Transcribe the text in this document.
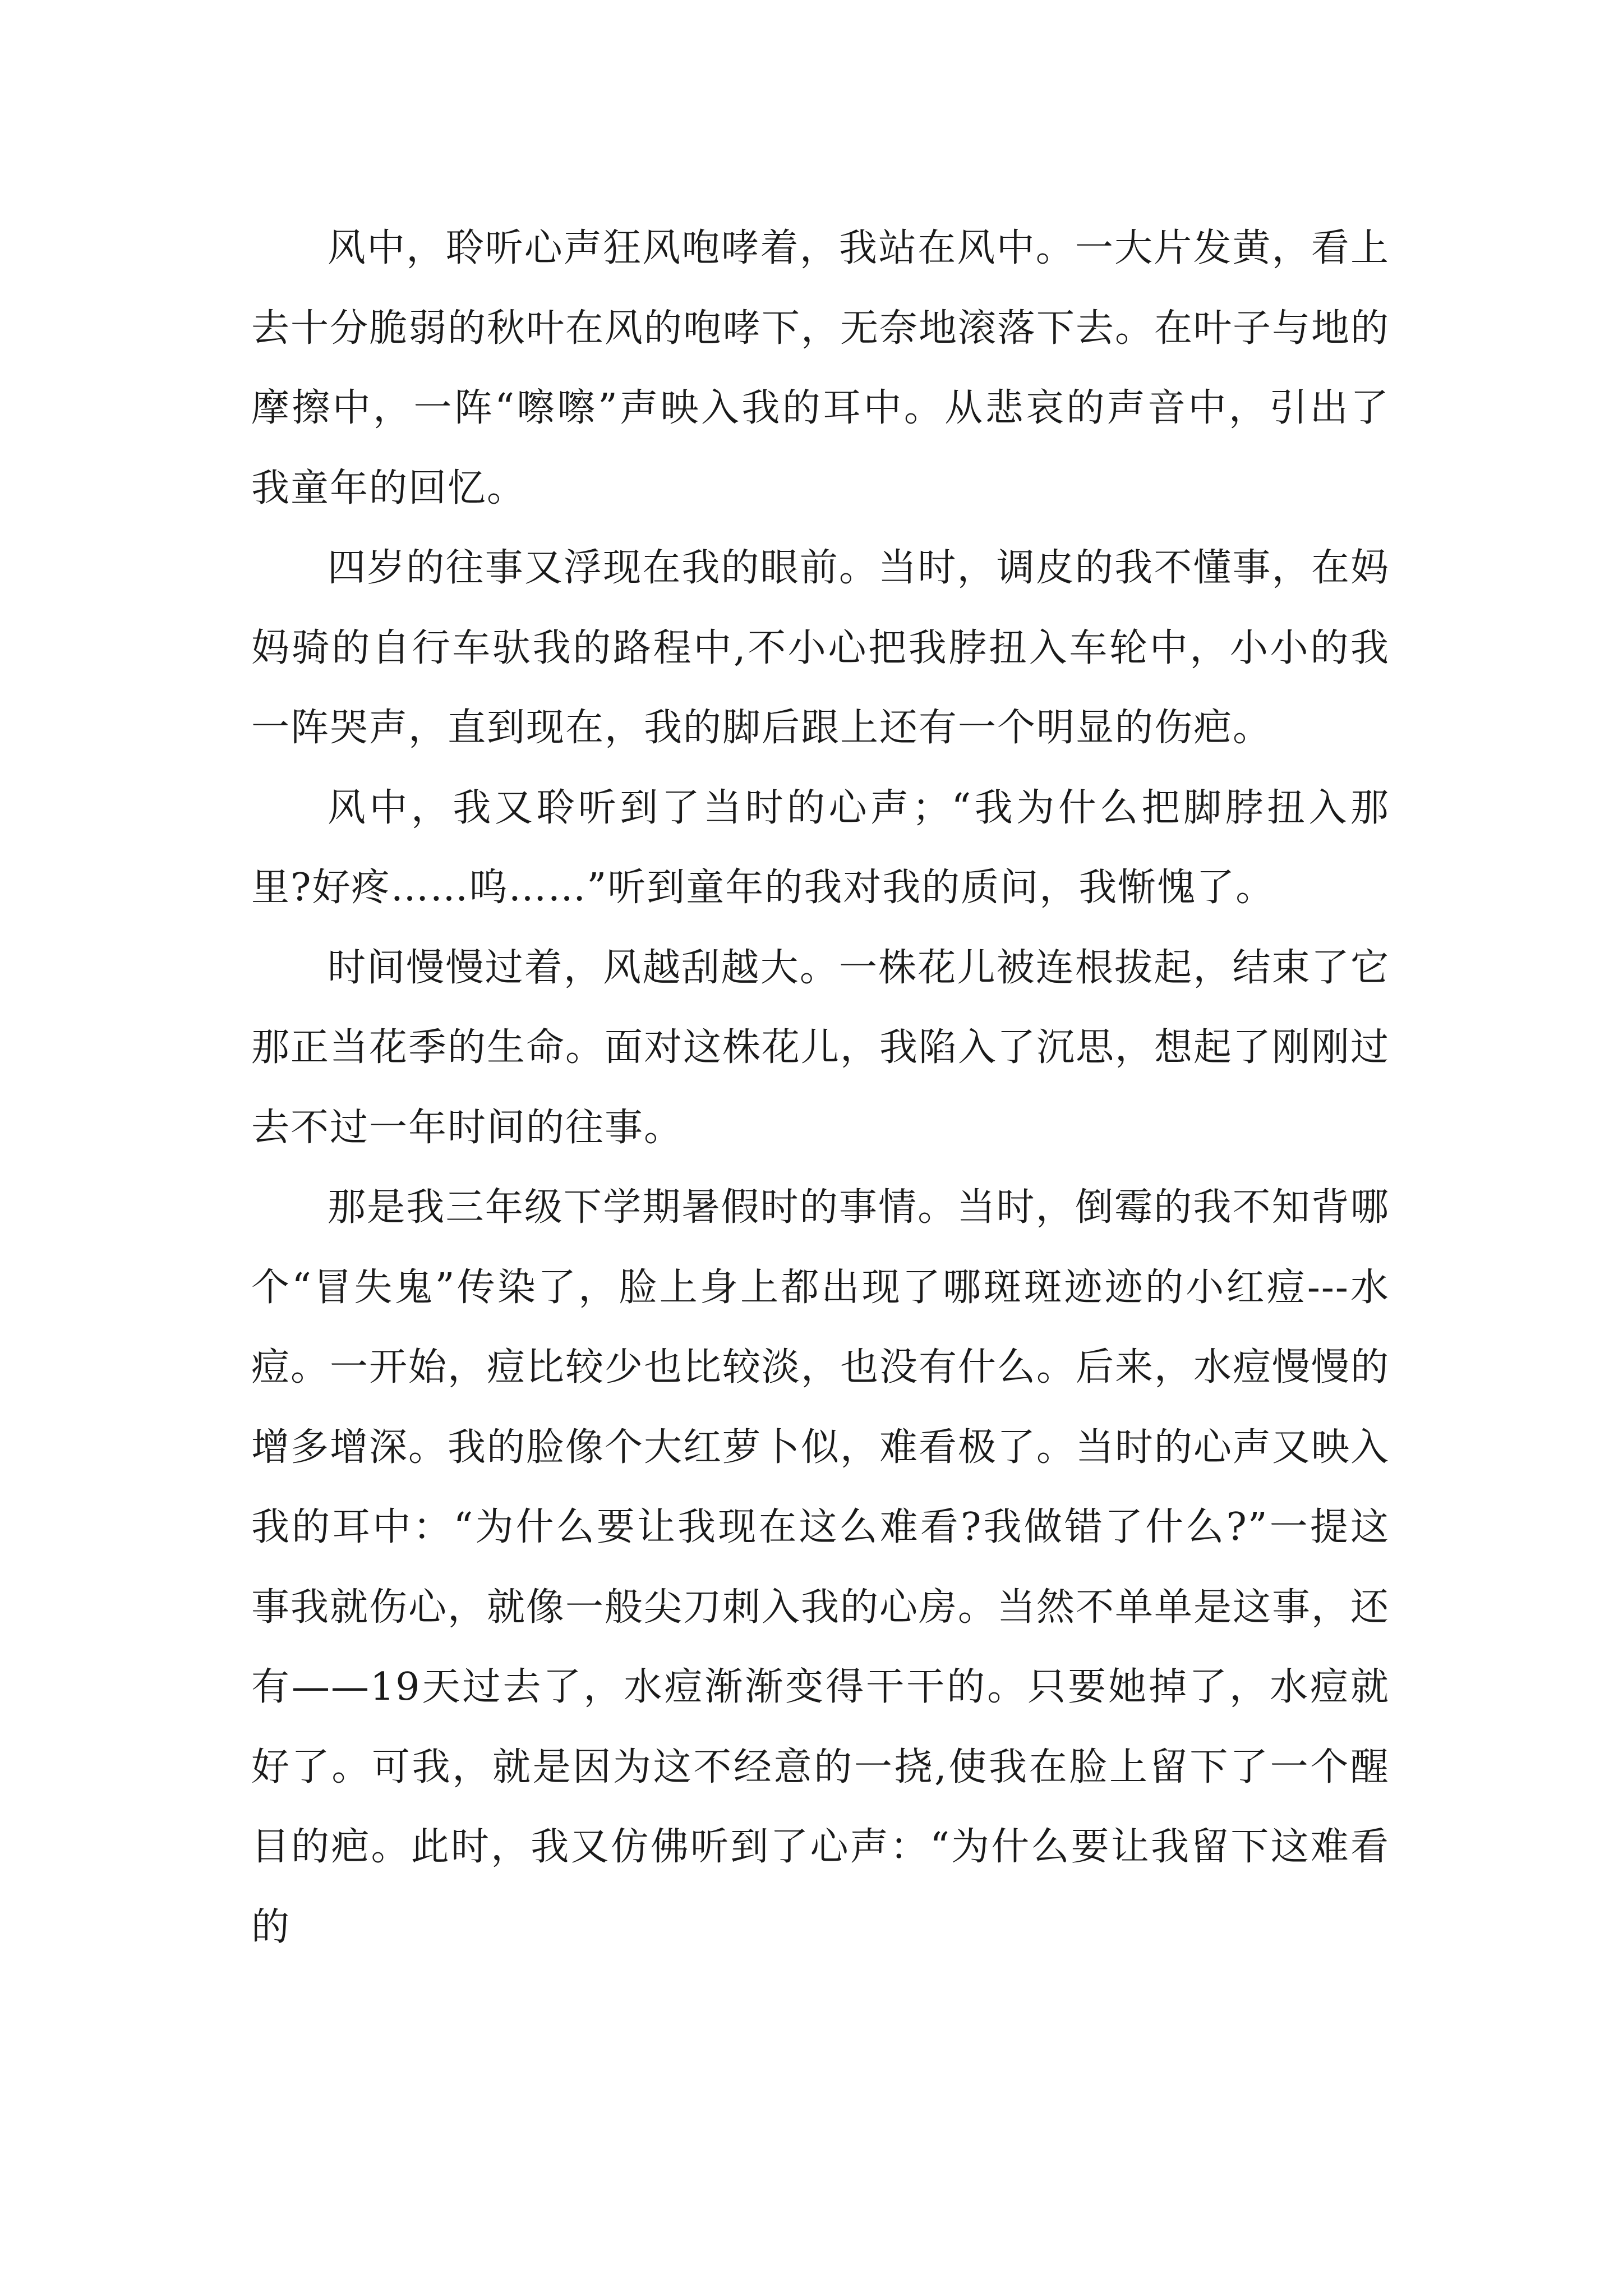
风中，聆听心声狂风咆哮着，我站在风中。一大片发黄，看上去十分脆弱的秋叶在风的咆哮下，无奈地滚落下去。在叶子与地的摩擦中，一阵“嚓嚓”声映入我的耳中。从悲哀的声音中，引出了我童年的回忆。

四岁的往事又浮现在我的眼前。当时，调皮的我不懂事，在妈妈骑的自行车驮我的路程中,不小心把我脖扭入车轮中，小小的我一阵哭声，直到现在，我的脚后跟上还有一个明显的伤疤。

风中，我又聆听到了当时的心声；“我为什么把脚脖扭入那里?好疼……呜……”听到童年的我对我的质问，我惭愧了。

时间慢慢过着，风越刮越大。一株花儿被连根拔起，结束了它那正当花季的生命。面对这株花儿，我陷入了沉思，想起了刚刚过去不过一年时间的往事。

那是我三年级下学期暑假时的事情。当时，倒霉的我不知背哪个“冒失鬼”传染了，脸上身上都出现了哪斑斑迹迹的小红痘---水痘。一开始，痘比较少也比较淡，也没有什么。后来，水痘慢慢的增多增深。我的脸像个大红萝卜似，难看极了。当时的心声又映入我的耳中：“为什么要让我现在这么难看?我做错了什么?”一提这事我就伤心，就像一般尖刀刺入我的心房。当然不单单是这事，还有——19天过去了，水痘渐渐变得干干的。只要她掉了，水痘就好了。可我，就是因为这不经意的一挠,使我在脸上留下了一个醒目的疤。此时，我又仿佛听到了心声：“为什么要让我留下这难看的
